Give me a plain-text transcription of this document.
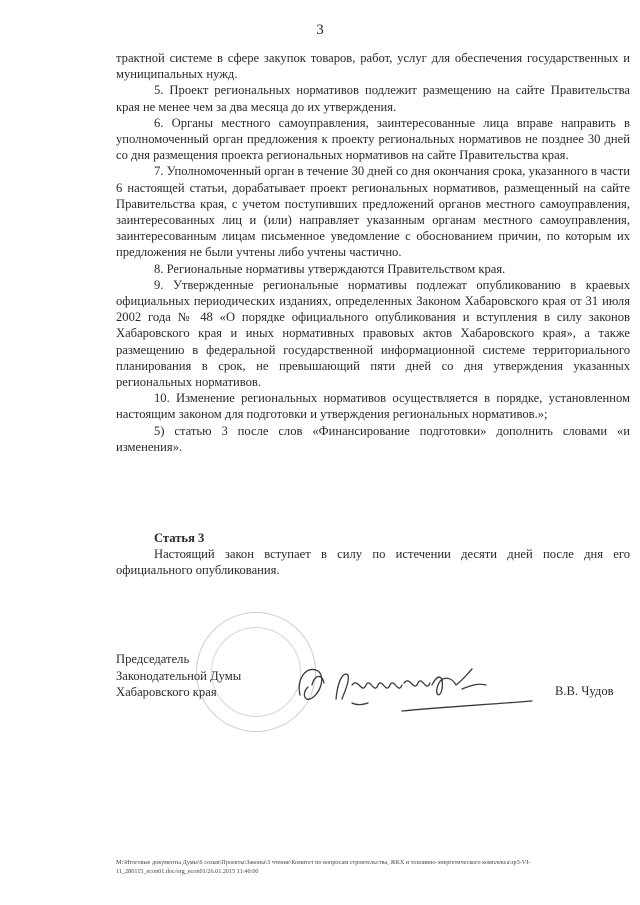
3

трактной системе в сфере закупок товаров, работ, услуг для обеспечения государственных и муниципальных нужд.

5. Проект региональных нормативов подлежит размещению на сайте Правительства края не менее чем за два месяца до их утверждения.

6. Органы местного самоуправления, заинтересованные лица вправе направить в уполномоченный орган предложения к проекту региональных нормативов не позднее 30 дней со дня размещения проекта региональных нормативов на сайте Правительства края.

7. Уполномоченный орган в течение 30 дней со дня окончания срока, указанного в части 6 настоящей статьи, дорабатывает проект региональных нормативов, размещенный на сайте Правительства края, с учетом поступивших предложений органов местного самоуправления, заинтересованных лиц и (или) направляет указанным органам местного самоуправления, заинтересованным лицам письменное уведомление с обоснованием причин, по которым их предложения не были учтены либо учтены частично.

8. Региональные нормативы утверждаются Правительством края.

9. Утвержденные региональные нормативы подлежат опубликованию в краевых официальных периодических изданиях, определенных Законом Хабаровского края от 31 июля 2002 года № 48 «О порядке официального опубликования и вступления в силу законов Хабаровского края и иных нормативных правовых актов Хабаровского края», а также размещению в федеральной государственной информационной системе территориального планирования в срок, не превышающий пяти дней со дня утверждения указанных региональных нормативов.

10. Изменение региональных нормативов осуществляется в порядке, установленном настоящим законом для подготовки и утверждения региональных нормативов.»;

5) статью 3 после слов «Финансирование подготовки» дополнить словами «и изменения».

Статья 3

Настоящий закон вступает в силу по истечении десяти дней после дня его официального опубликования.

Председатель
Законодательной Думы
Хабаровского края	В.В. Чудов
M:\Итоговые документы Думы\6 созыв\Проекты\Законы\3 чтение\Комитет по вопросам строительства, ЖКХ и топливно-энергетического комплекса\зр3-VI-11_280115_econ01.doc/org_econ01/26.01.2015 11:40:00
